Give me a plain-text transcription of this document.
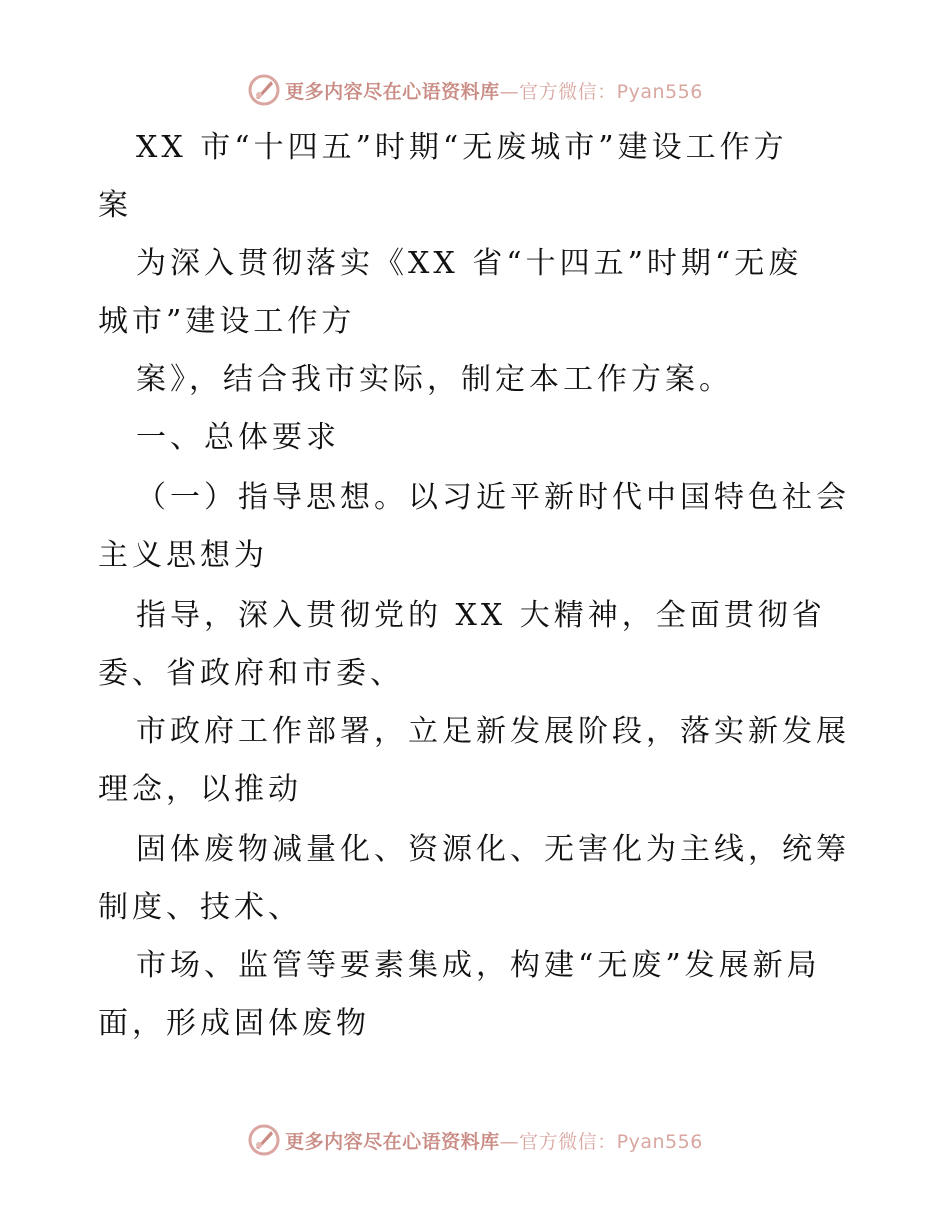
更多内容尽在心语资料库—官方微信：Pyan556
XX 市“十四五”时期“无废城市”建设工作方
案
为深入贯彻落实《XX 省“十四五”时期“无废
城市”建设工作方
案》，结合我市实际，制定本工作方案。
一、总体要求
（一）指导思想。以习近平新时代中国特色社会
主义思想为
指导，深入贯彻党的 XX 大精神，全面贯彻省
委、省政府和市委、
市政府工作部署，立足新发展阶段，落实新发展
理念，以推动
固体废物减量化、资源化、无害化为主线，统筹
制度、技术、
市场、监管等要素集成，构建“无废”发展新局
面，形成固体废物
更多内容尽在心语资料库—官方微信：Pyan556
